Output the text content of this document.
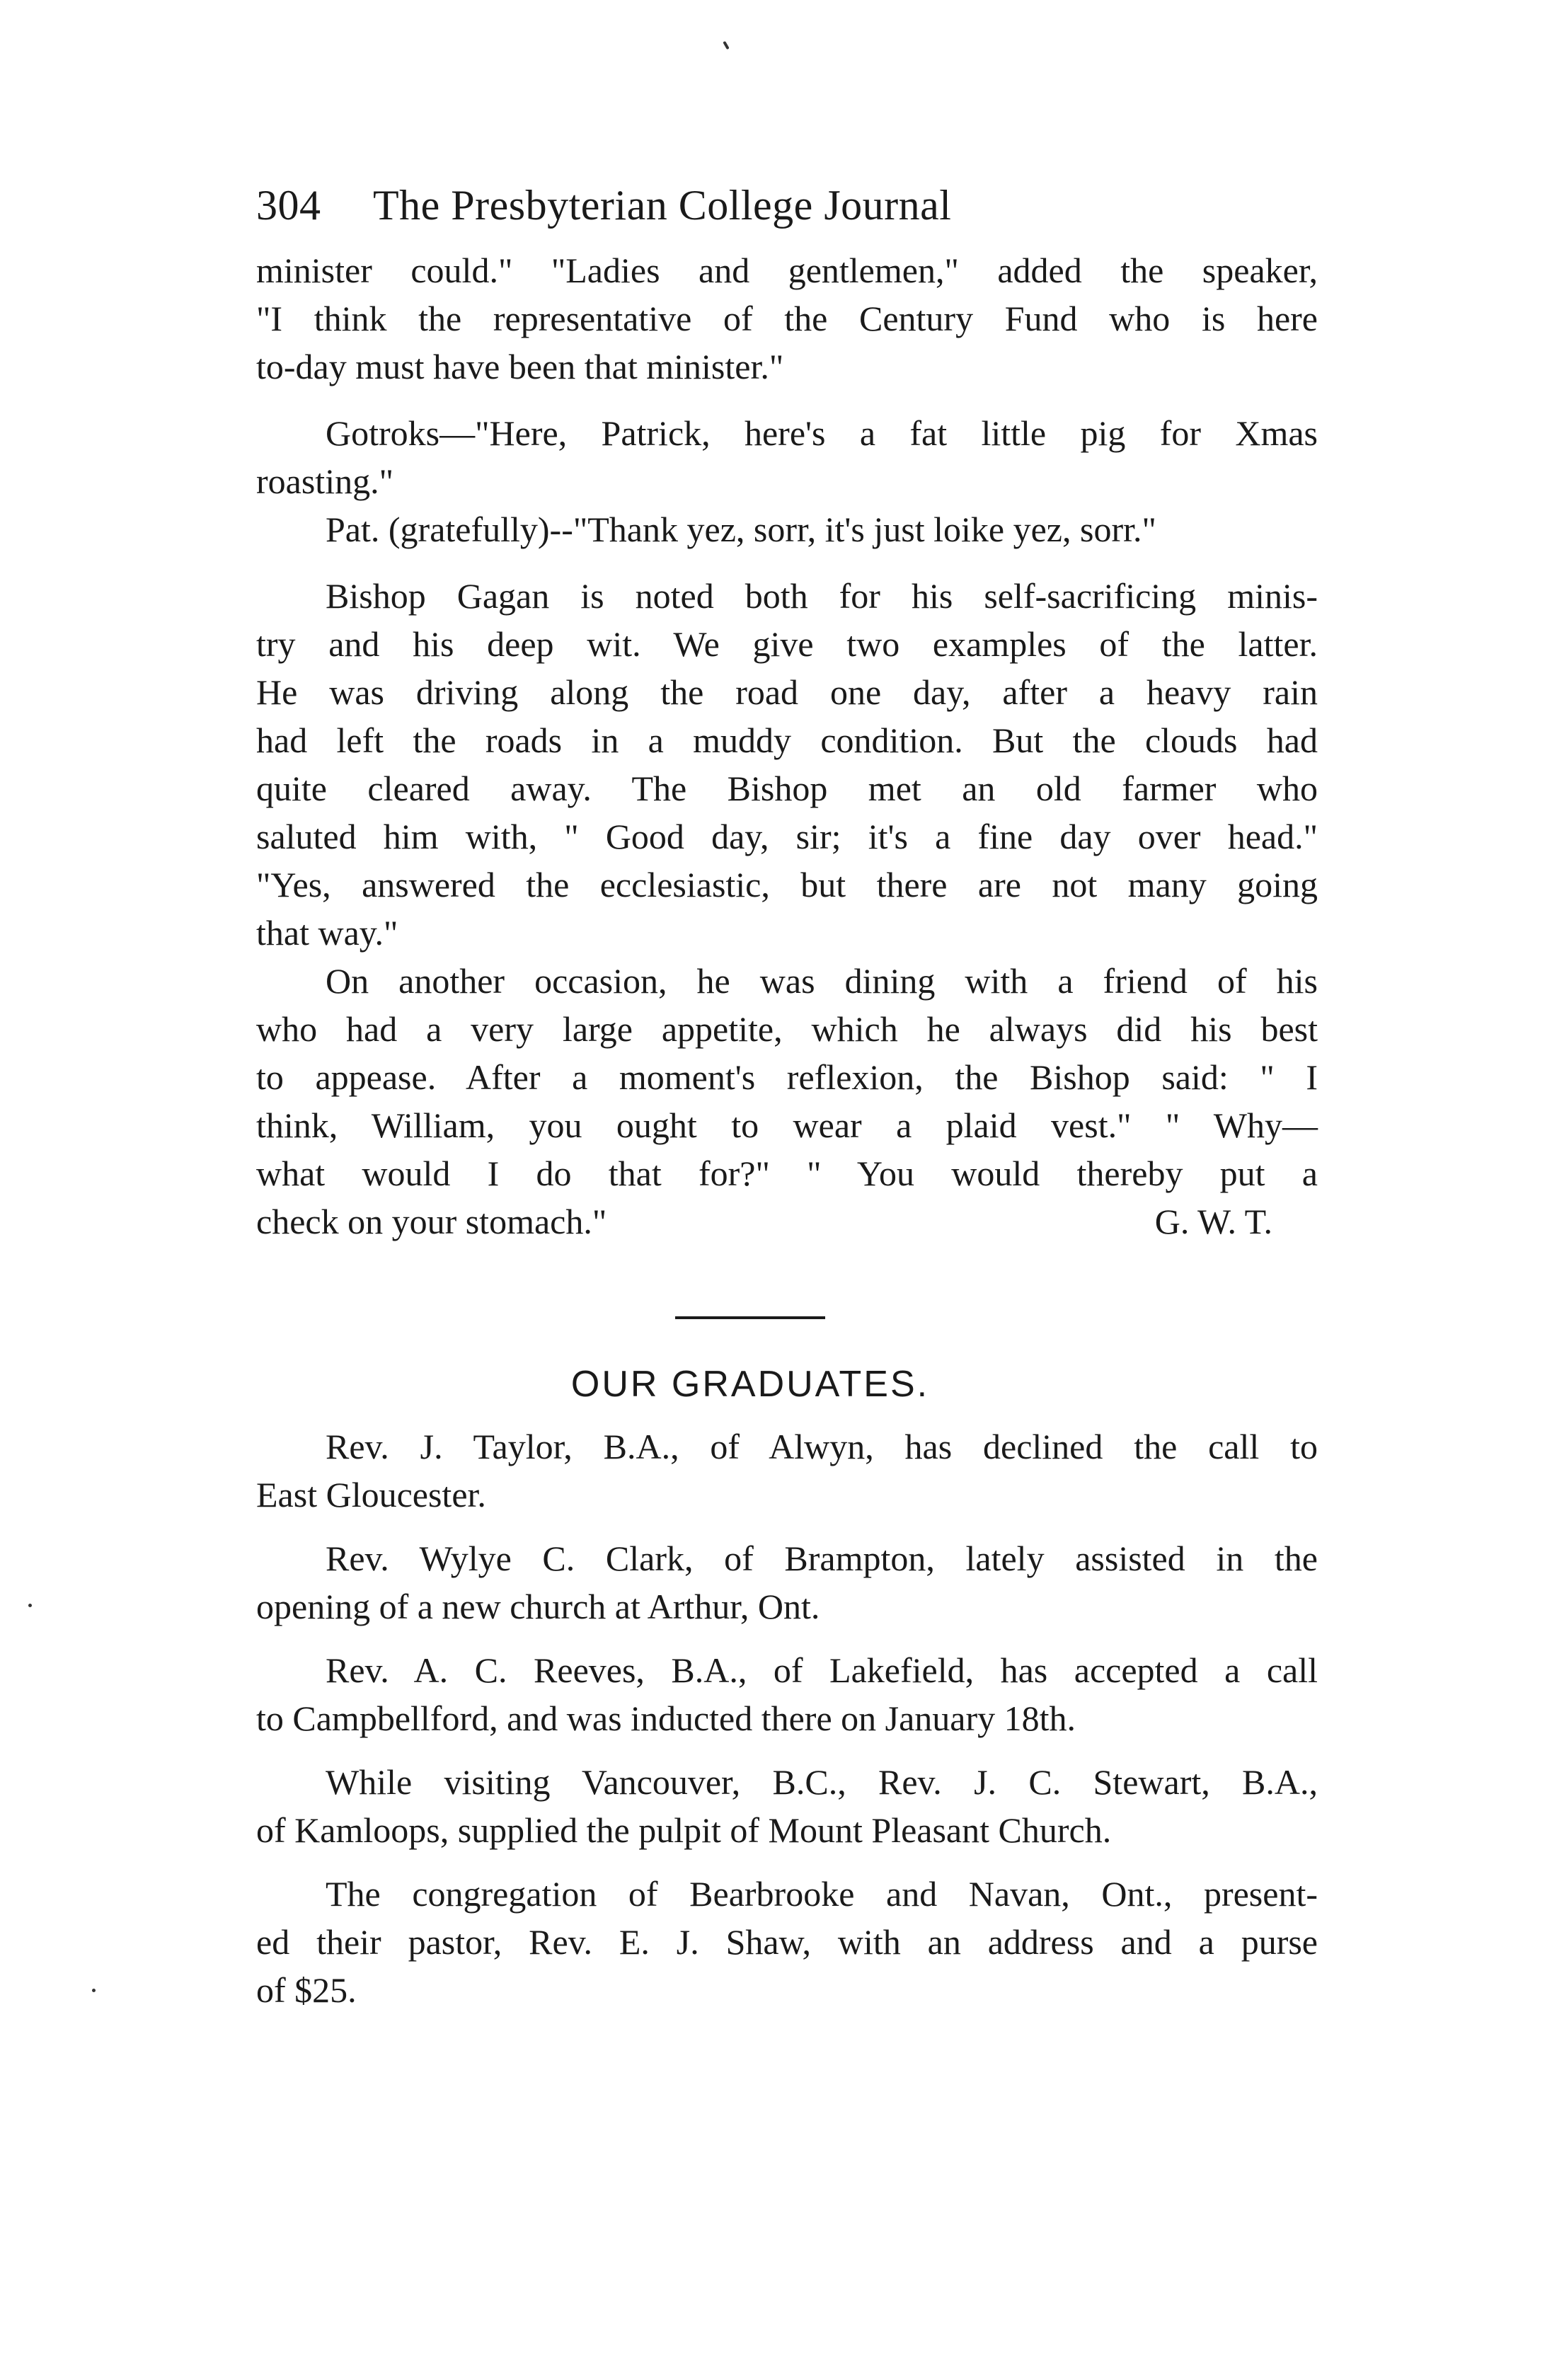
304 The Presbyterian College Journal
minister could." "Ladies and gentlemen," added the speaker,
"I think the representative of the Century Fund who is here
to-day must have been that minister."
Gotroks—"Here, Patrick, here's a fat little pig for Xmas
roasting."
Pat. (gratefully)--"Thank yez, sorr, it's just loike yez, sorr."
Bishop Gagan is noted both for his self-sacrificing minis-
try and his deep wit. We give two examples of the latter.
He was driving along the road one day, after a heavy rain
had left the roads in a muddy condition. But the clouds had
quite cleared away. The Bishop met an old farmer who
saluted him with, " Good day, sir; it's a fine day over head."
"Yes, answered the ecclesiastic, but there are not many going
that way."
On another occasion, he was dining with a friend of his
who had a very large appetite, which he always did his best
to appease. After a moment's reflexion, the Bishop said: " I
think, William, you ought to wear a plaid vest." " Why—
what would I do that for?" " You would thereby put a
check on your stomach."	G. W. T.
OUR GRADUATES.
Rev. J. Taylor, B.A., of Alwyn, has declined the call to
East Gloucester.
Rev. Wylye C. Clark, of Brampton, lately assisted in the
opening of a new church at Arthur, Ont.
Rev. A. C. Reeves, B.A., of Lakefield, has accepted a call
to Campbellford, and was inducted there on January 18th.
While visiting Vancouver, B.C., Rev. J. C. Stewart, B.A.,
of Kamloops, supplied the pulpit of Mount Pleasant Church.
The congregation of Bearbrooke and Navan, Ont., present-
ed their pastor, Rev. E. J. Shaw, with an address and a purse
of $25.
